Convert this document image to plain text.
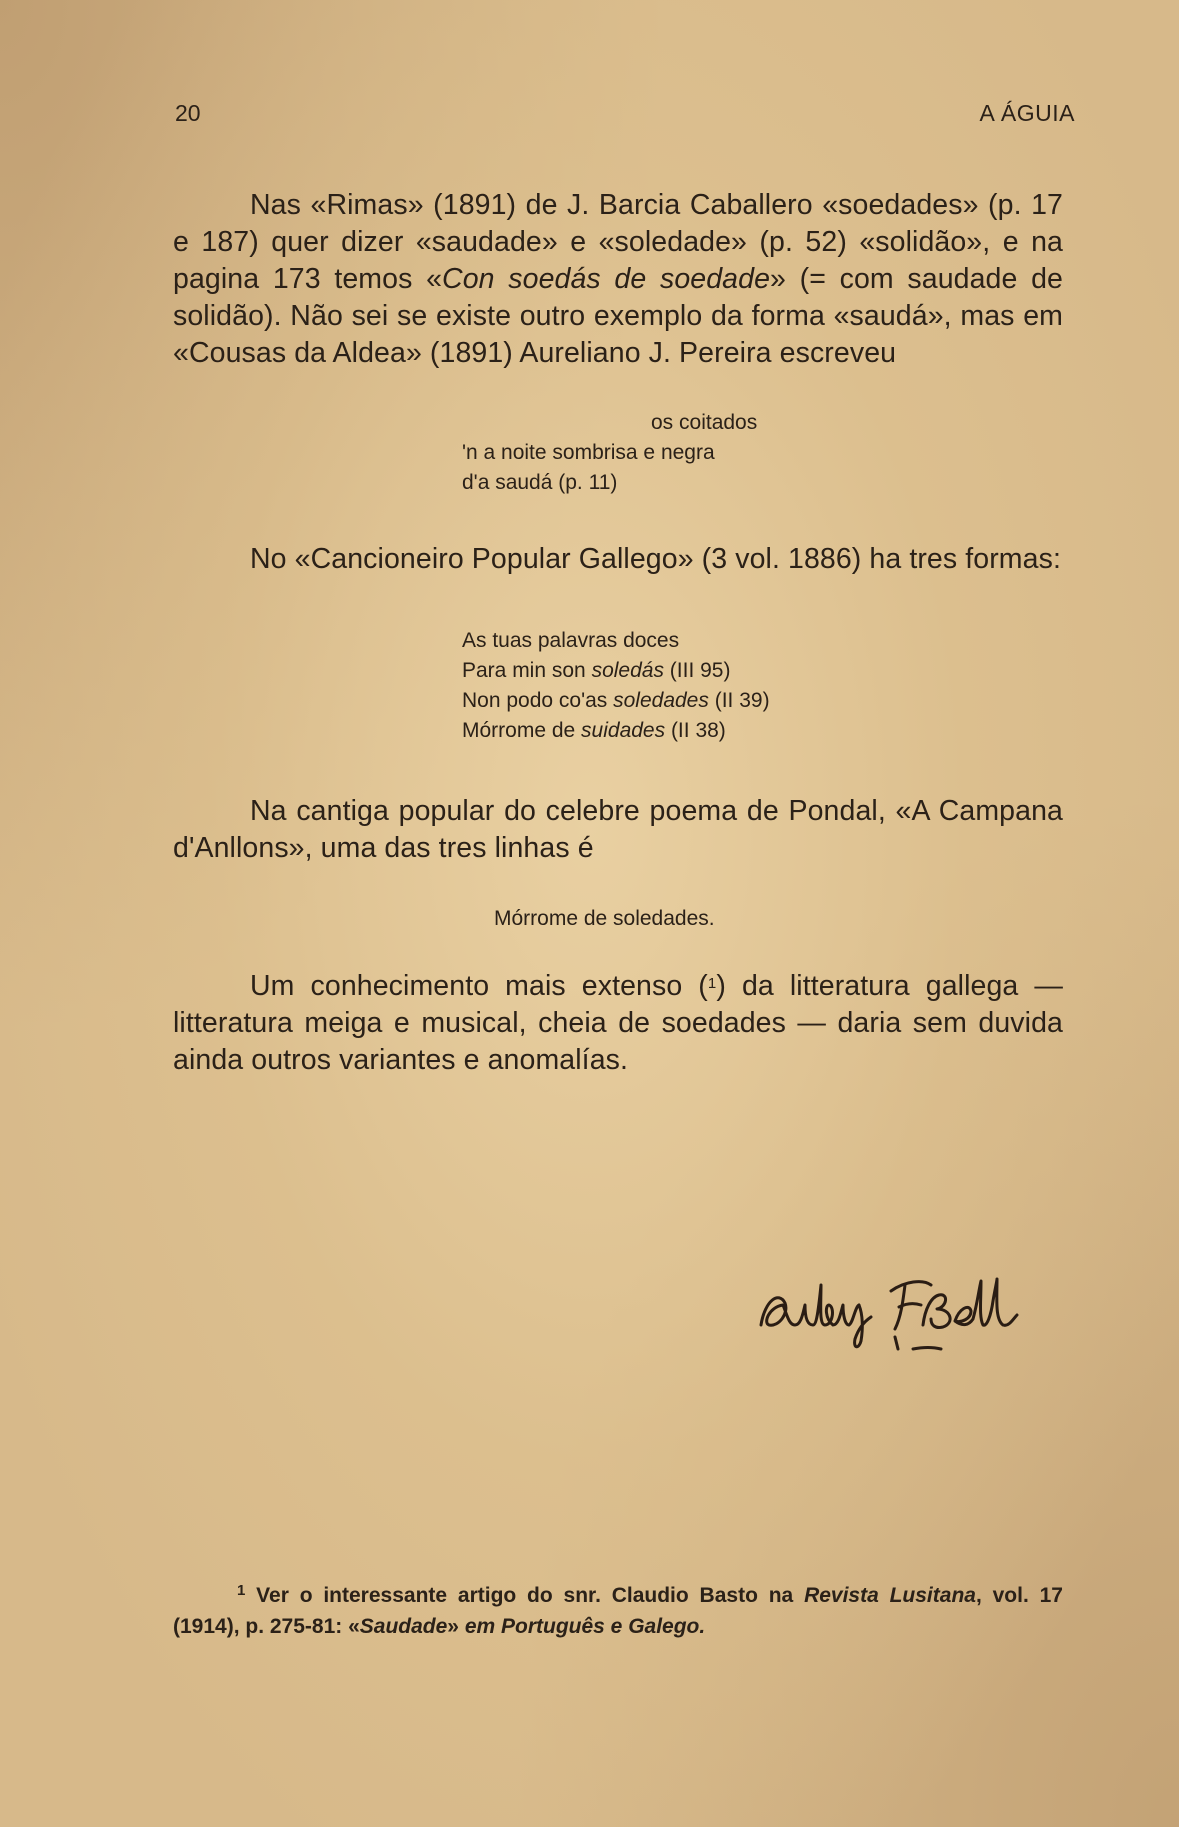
20	A ÁGUIA
Nas «Rimas» (1891) de J. Barcia Caballero «soedades» (p. 17 e 187) quer dizer «saudade» e «soledade» (p. 52) «solidão», e na pagina 173 temos «Con soedás de soedade» (= com saudade de solidão). Não sei se existe outro exemplo da forma «saudá», mas em «Cousas da Aldea» (1891) Aureliano J. Pereira escreveu
os coitados
'n a noite sombrisa e negra
d'a saudá (p. 11)
No «Cancioneiro Popular Gallego» (3 vol. 1886) ha tres formas:
As tuas palavras doces
Para min son soledás (III 95)
Non podo co'as soledades (II 39)
Mórrome de suidades (II 38)
Na cantiga popular do celebre poema de Pondal, «A Campana d'Anllons», uma das tres linhas é
Mórrome de soledades.
Um conhecimento mais extenso ($^1$) da litteratura gallega — litteratura meiga e musical, cheia de soedades — daria sem duvida ainda outros variantes e anomalías.
$^1$ Ver o interessante artigo do snr. Claudio Basto na Revista Lusitana, vol. 17 (1914), p. 275-81: «Saudade» em Português e Galego.
